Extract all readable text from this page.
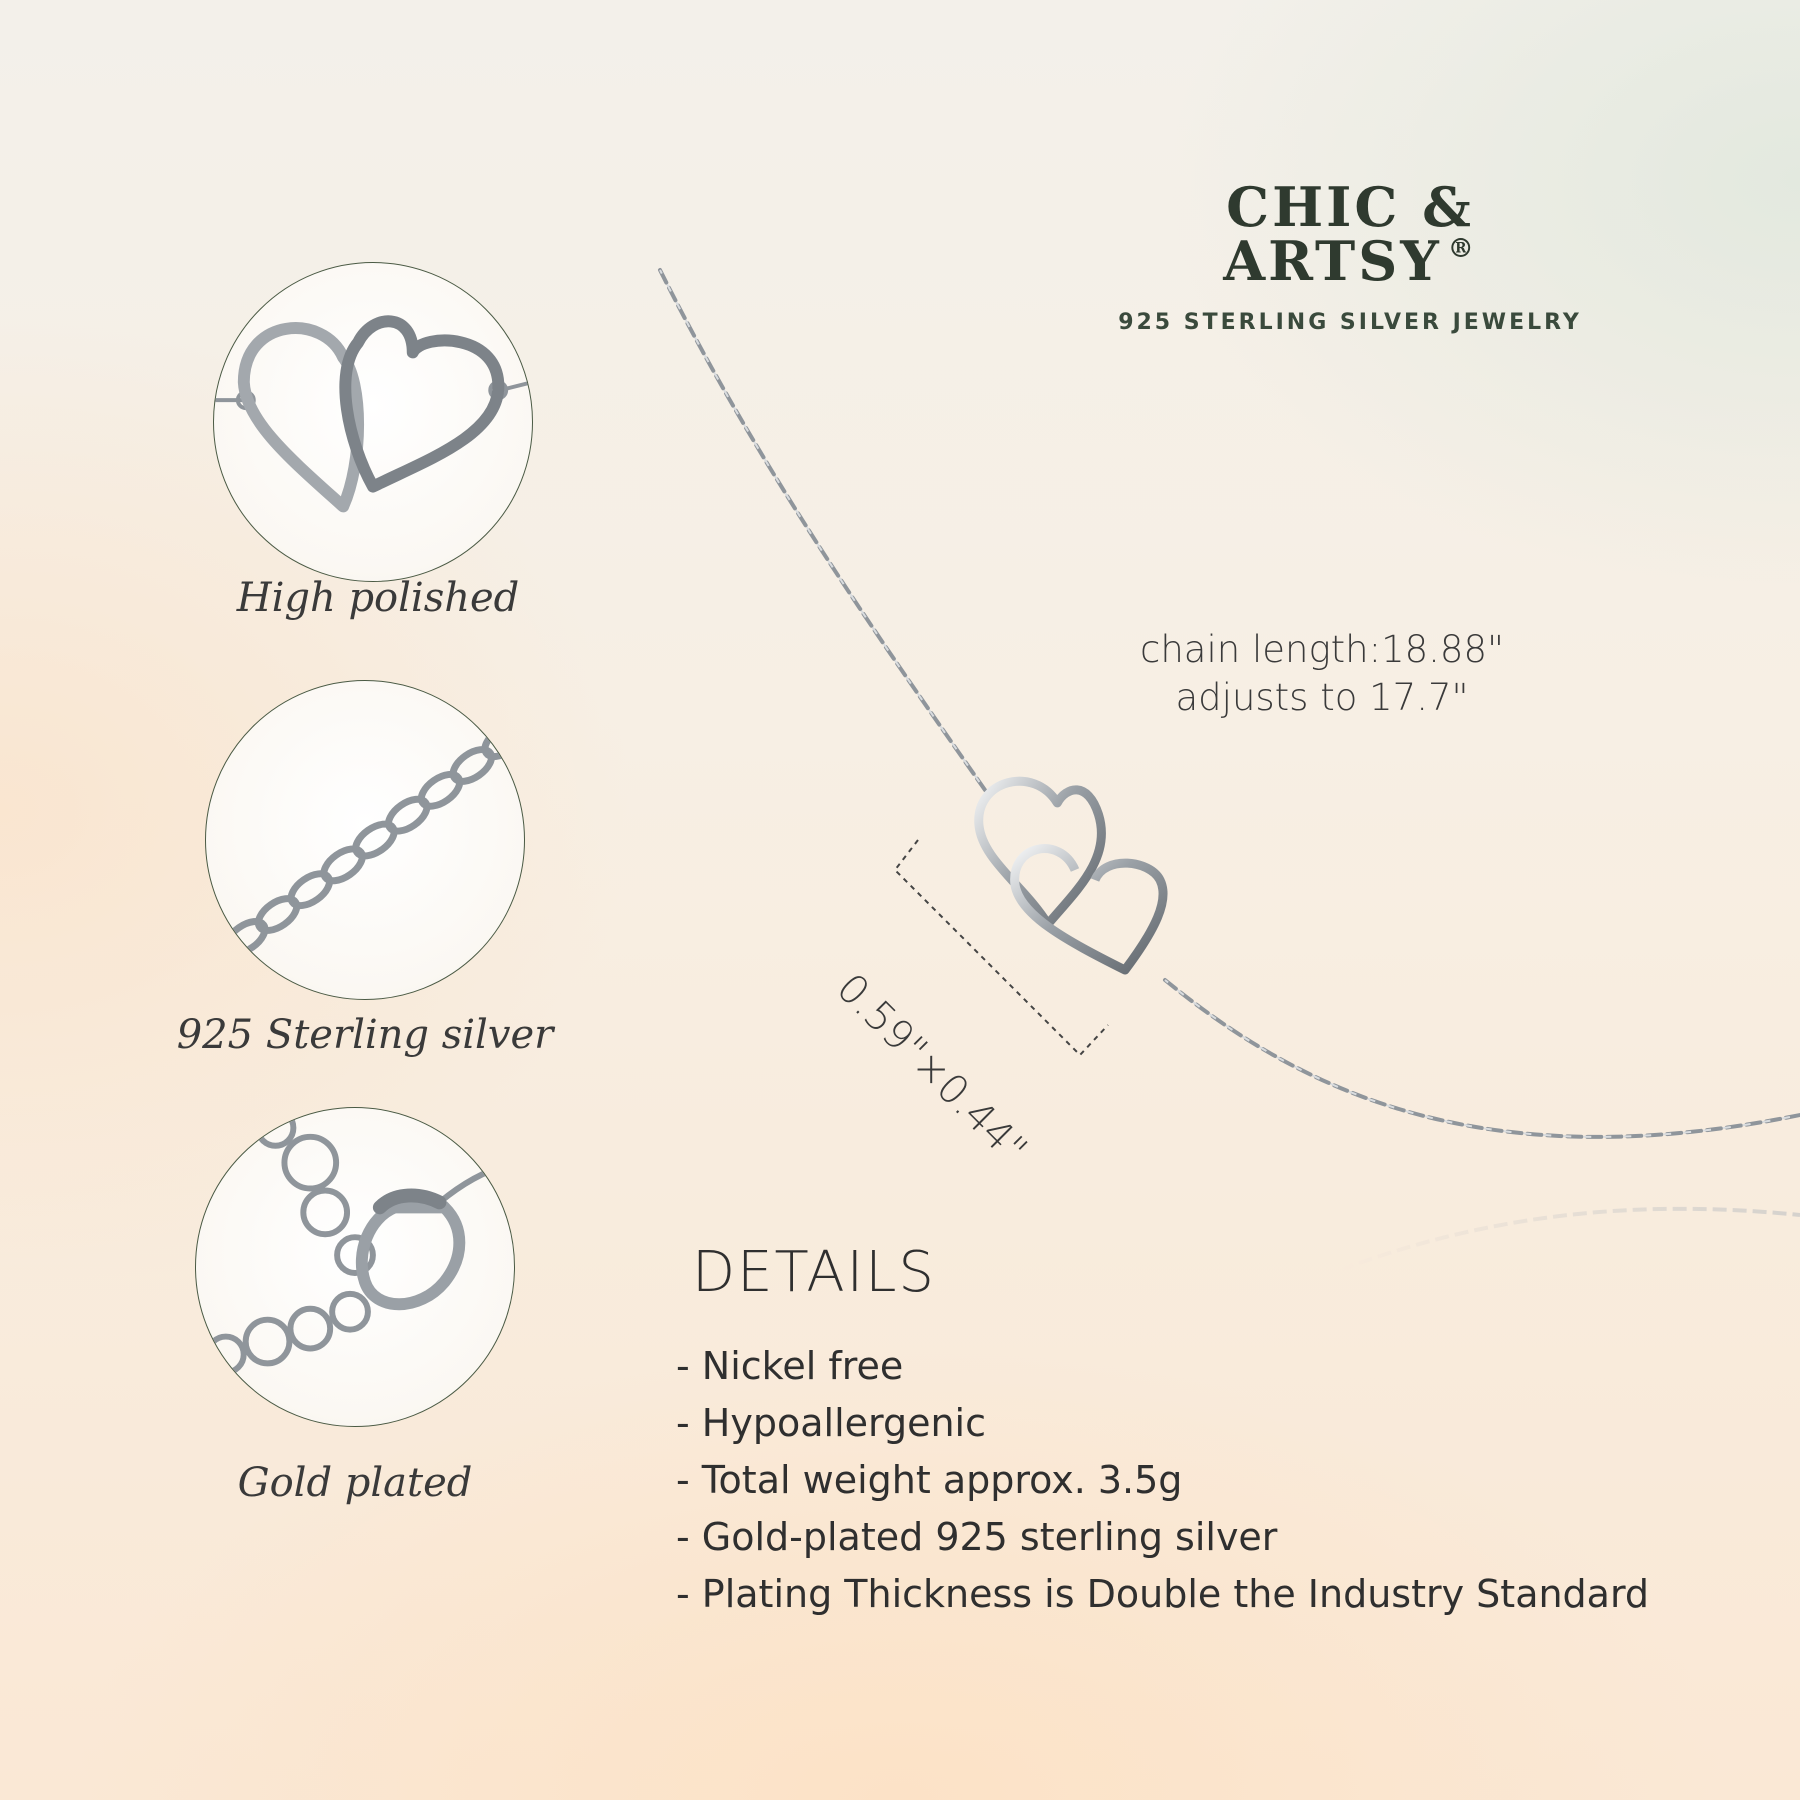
CHIC & ARTSY ®
925 STERLING SILVER JEWELRY
High polished
925 Sterling silver
Gold plated
chain length:18.88"
adjusts to 17.7"
0.59"×0.44"
DETAILS
- Nickel free
- Hypoallergenic
- Total weight approx. 3.5g
- Gold-plated 925 sterling silver
- Plating Thickness is Double the Industry Standard
